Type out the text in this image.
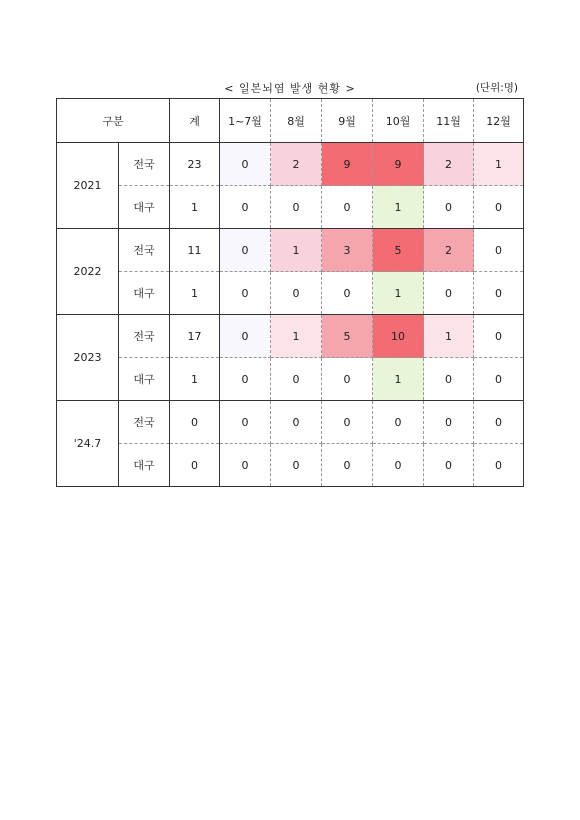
< 일본뇌염 발생 현황 >	(단위:명)
구분		계	1~7월	8월	9월	10월	11월	12월
2021	전국	23	0	2	9	9	2	1
	대구	1	0	0	0	1	0	0
2022	전국	11	0	1	3	5	2	0
	대구	1	0	0	0	1	0	0
2023	전국	17	0	1	5	10	1	0
	대구	1	0	0	0	1	0	0
'24.7	전국	0	0	0	0	0	0	0
	대구	0	0	0	0	0	0	0
